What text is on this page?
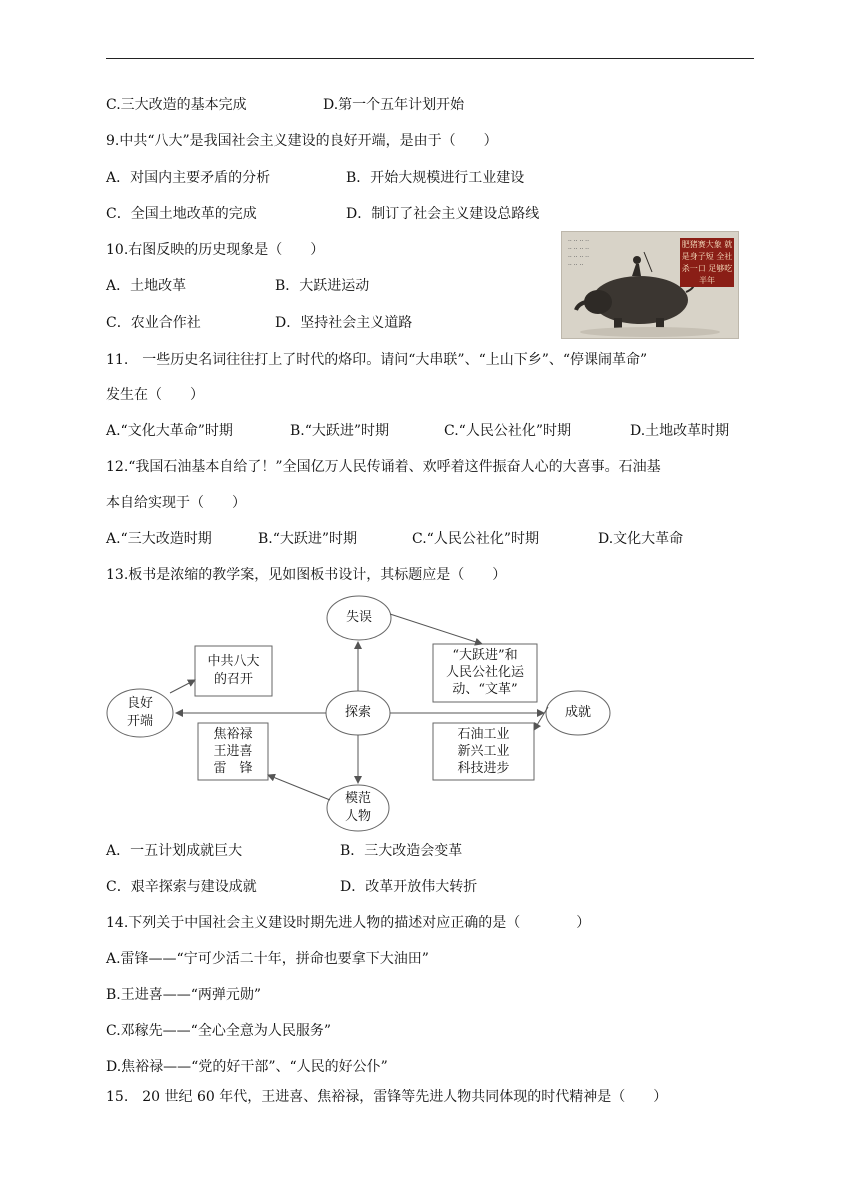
C.三大改造的基本完成	D.第一个五年计划开始
9.中共“八大”是我国社会主义建设的良好开端，是由于（　　）
A．对国内主要矛盾的分析	B．开始大规模进行工业建设
C．全国土地改革的完成	D．制订了社会主义建设总路线
10.右图反映的历史现象是（　　）
A．土地改革	B．大跃进运动
C．农业合作社	D．坚持社会主义道路
·· ·· ·· ··
·· ·· ·· ··
·· ·· ·· ··
·· ·· ··
肥猪赛大象 就是身子短 全社杀一口 足够吃半年
11.　一些历史名词往往打上了时代的烙印。请问“大串联”、“上山下乡”、“停课闹革命”
发生在（　　）
A.“文化大革命”时期	B.“大跃进”时期	C.“人民公社化”时期	D.土地改革时期
12.“我国石油基本自给了！”全国亿万人民传诵着、欢呼着这件振奋人心的大喜事。石油基
本自给实现于（　　）
A.“三大改造时期	B.“大跃进”时期	C.“人民公社化”时期	D.文化大革命
13.板书是浓缩的教学案，见如图板书设计，其标题应是（　　）
失误
探索
良好
开端
成就
模范
人物
中共八大
的召开
“大跃进”和
人民公社化运
动、“文革”
焦裕禄
王进喜
雷　锋
石油工业
新兴工业
科技进步
A．一五计划成就巨大	B．三大改造会变革
C．艰辛探索与建设成就	D．改革开放伟大转折
14.下列关于中国社会主义建设时期先进人物的描述对应正确的是（　　　　）
A.雷锋——“宁可少活二十年，拼命也要拿下大油田”
B.王进喜——“两弹元勋”
C.邓稼先——“全心全意为人民服务”
D.焦裕禄——“党的好干部”、“人民的好公仆”
15.　20 世纪 60 年代，王进喜、焦裕禄，雷锋等先进人物共同体现的时代精神是（　　）
